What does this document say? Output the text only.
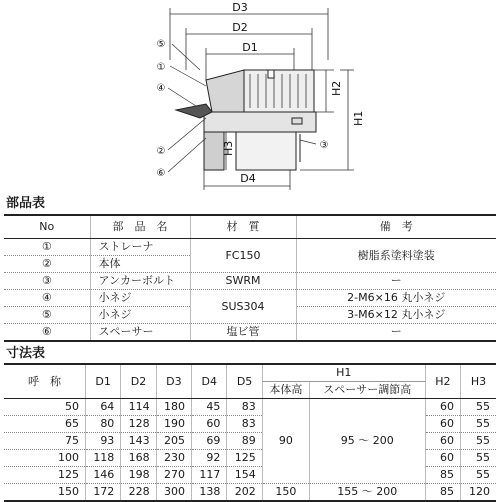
D3
D2
D1
D4
H3
H2
H1
⑤
①
④
②
⑥
③
部品表
No	部　品　名	材　質	備　考
①	ストレーナ	FC150	樹脂系塗料塗装
②	本体		
③	アンカーボルト	SWRM	ー
④	小ネジ	SUS304	2-M6×16 丸小ネジ
⑤	小ネジ		3-M6×12 丸小ネジ
⑥	スペーサー	塩ビ管	ー
寸法表
呼　称	D1	D2	D3	D4	D5	H1		H2	H3
						本体高	スペーサー調節高		
50	64	114	180	45	83	90	95 ～ 200	60	55
65	80	128	190	60	83			60	55
75	93	143	205	69	89			60	55
100	118	168	230	92	125			60	55
125	146	198	270	117	154			85	55
150	172	228	300	138	202	150	155 ～ 200	85	120
